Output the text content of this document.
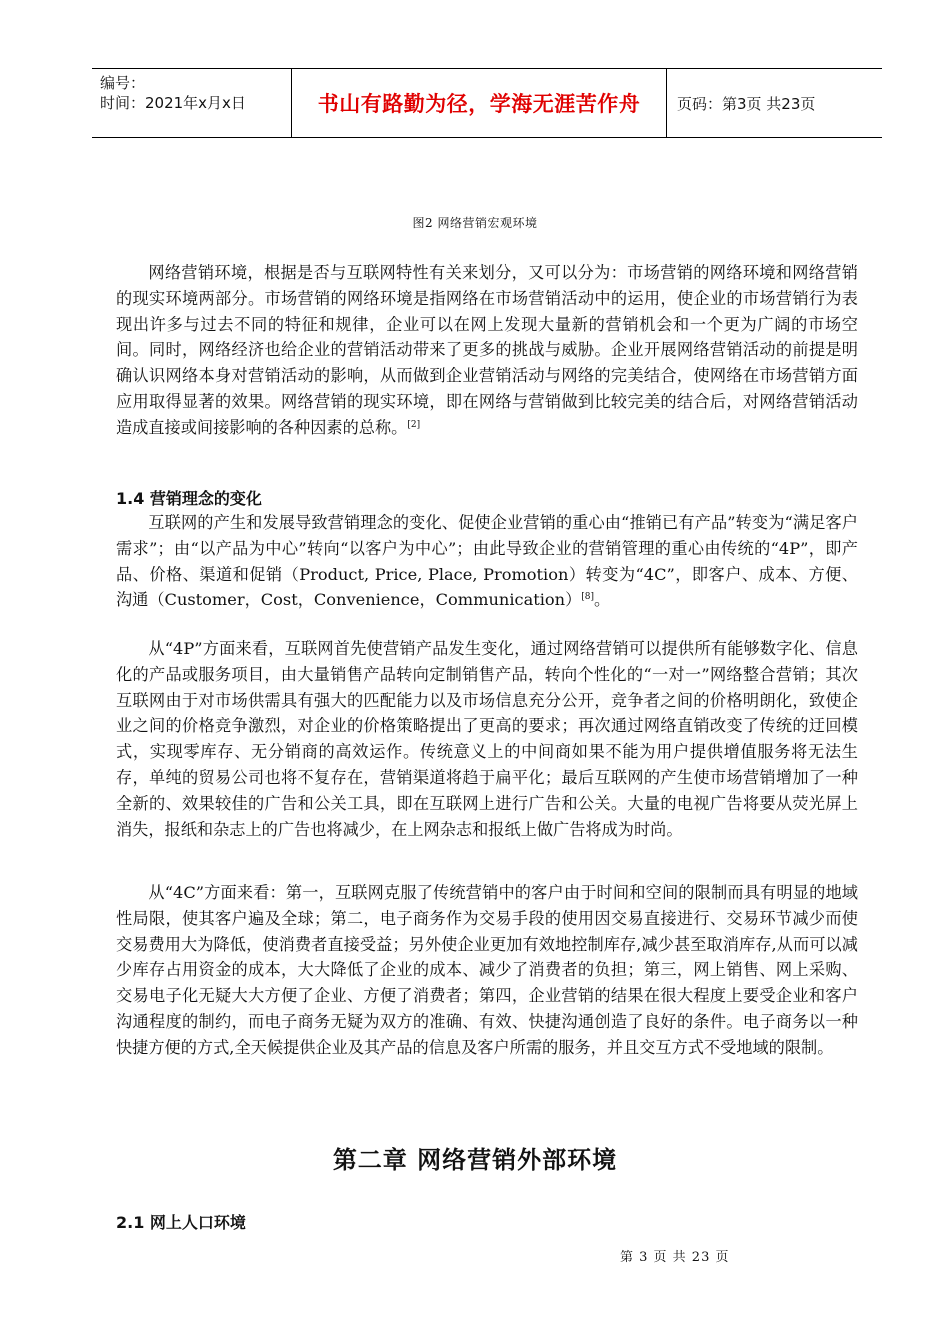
编号：
时间：2021年x月x日	书山有路勤为径，学海无涯苦作舟 页码：第3页 共23页
图2 网络营销宏观环境

网络营销环境，根据是否与互联网特性有关来划分，又可以分为：市场营销的网络环境和网络营销的现实环境两部分。市场营销的网络环境是指网络在市场营销活动中的运用，使企业的市场营销行为表现出许多与过去不同的特征和规律，企业可以在网上发现大量新的营销机会和一个更为广阔的市场空间。同时，网络经济也给企业的营销活动带来了更多的挑战与威胁。企业开展网络营销活动的前提是明确认识网络本身对营销活动的影响，从而做到企业营销活动与网络的完美结合，使网络在市场营销方面应用取得显著的效果。网络营销的现实环境，即在网络与营销做到比较完美的结合后，对网络营销活动造成直接或间接影响的各种因素的总称。[2]

1.4 营销理念的变化

互联网的产生和发展导致营销理念的变化、促使企业营销的重心由“推销已有产品”转变为“满足客户需求”；由“以产品为中心”转向“以客户为中心”；由此导致企业的营销管理的重心由传统的“4P”，即产品、价格、渠道和促销（Product, Price, Place, Promotion）转变为“4C”，即客户、成本、方便、沟通（Customer，Cost，Convenience，Communication）[8]。

从“4P”方面来看，互联网首先使营销产品发生变化，通过网络营销可以提供所有能够数字化、信息化的产品或服务项目，由大量销售产品转向定制销售产品，转向个性化的“一对一”网络整合营销；其次互联网由于对市场供需具有强大的匹配能力以及市场信息充分公开，竞争者之间的价格明朗化，致使企业之间的价格竞争激烈，对企业的价格策略提出了更高的要求；再次通过网络直销改变了传统的迂回模式，实现零库存、无分销商的高效运作。传统意义上的中间商如果不能为用户提供增值服务将无法生存，单纯的贸易公司也将不复存在，营销渠道将趋于扁平化；最后互联网的产生使市场营销增加了一种全新的、效果较佳的广告和公关工具，即在互联网上进行广告和公关。大量的电视广告将要从荧光屏上消失，报纸和杂志上的广告也将减少，在上网杂志和报纸上做广告将成为时尚。

从“4C”方面来看：第一，互联网克服了传统营销中的客户由于时间和空间的限制而具有明显的地域性局限，使其客户遍及全球；第二，电子商务作为交易手段的使用因交易直接进行、交易环节减少而使交易费用大为降低，使消费者直接受益；另外使企业更加有效地控制库存,减少甚至取消库存,从而可以减少库存占用资金的成本，大大降低了企业的成本、减少了消费者的负担；第三，网上销售、网上采购、交易电子化无疑大大方便了企业、方便了消费者；第四，企业营销的结果在很大程度上要受企业和客户沟通程度的制约，而电子商务无疑为双方的准确、有效、快捷沟通创造了良好的条件。电子商务以一种快捷方便的方式,全天候提供企业及其产品的信息及客户所需的服务，并且交互方式不受地域的限制。

第二章 网络营销外部环境
2.1 网上人口环境
第 3 页 共 23 页
